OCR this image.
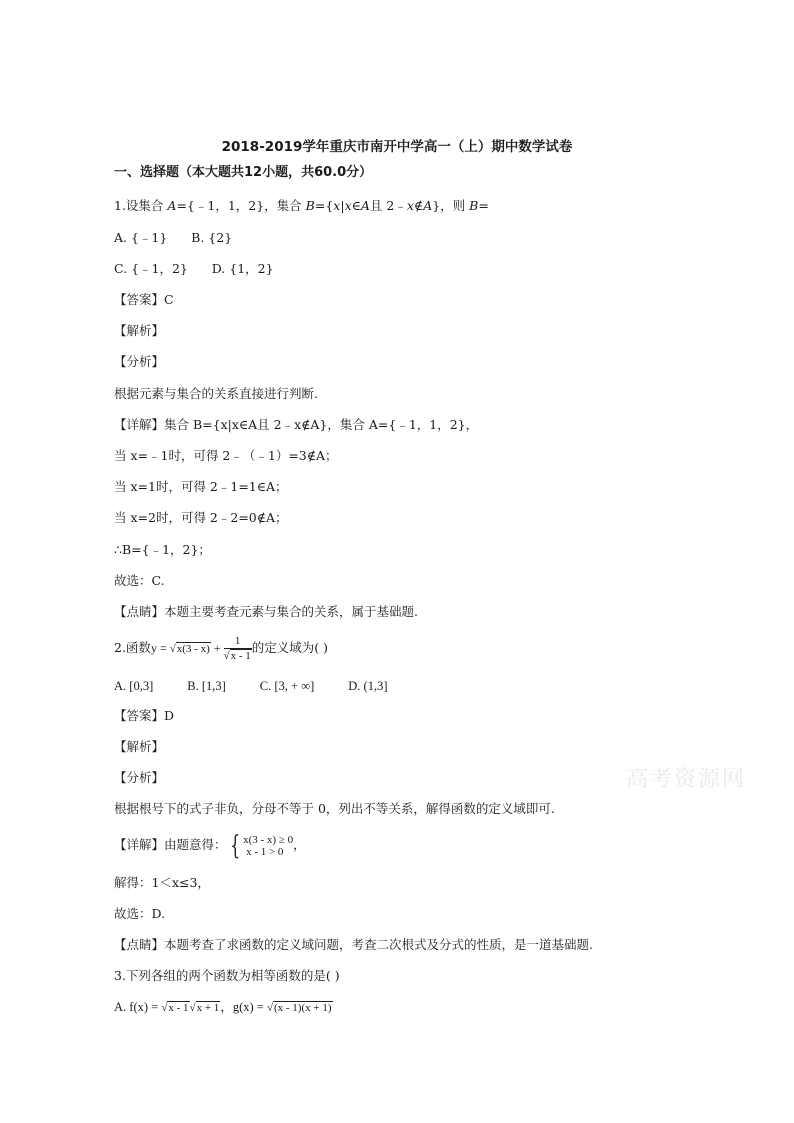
2018-2019学年重庆市南开中学高一（上）期中数学试卷
一、选择题（本大题共12小题，共60.0分）
1.设集合 A={﹣1，1，2}，集合 B={x|x∈A且 2﹣x∉A}，则 B=
A. {﹣1}      B. {2}
C. {﹣1，2}      D. {1，2}
【答案】C
【解析】
【分析】
根据元素与集合的关系直接进行判断.
【详解】集合 B={x|x∈A且 2﹣x∉A}，集合 A={﹣1，1，2}，
当 x=﹣1时，可得 2﹣（﹣1）=3∉A；
当 x=1时，可得 2﹣1=1∈A；
当 x=2时，可得 2﹣2=0∉A；
∴B={﹣1，2}；
故选：C.
【点睛】本题主要考查元素与集合的关系，属于基础题.
2.函数$y = √x(3 - x) + \frac{1}{√x - 1}$ 的定义域为( )
A. [0,3]	B. [1,3]	C. [3, + ∞]	D. (1,3]
【答案】D
【解析】
【分析】
根据根号下的式子非负，分母不等于 0，列出不等关系，解得函数的定义域即可.
【详解】由题意得： { x(3 - x) ≥ 0
x - 1 > 0 ，
解得：1＜x≤3，
故选：D.
【点睛】本题考查了求函数的定义域问题，考查二次根式及分式的性质，是一道基础题.
3.下列各组的两个函数为相等函数的是( )
A. f(x) = √x - 1√x + 1，g(x) = √(x - 1)(x + 1)
高考资源网
